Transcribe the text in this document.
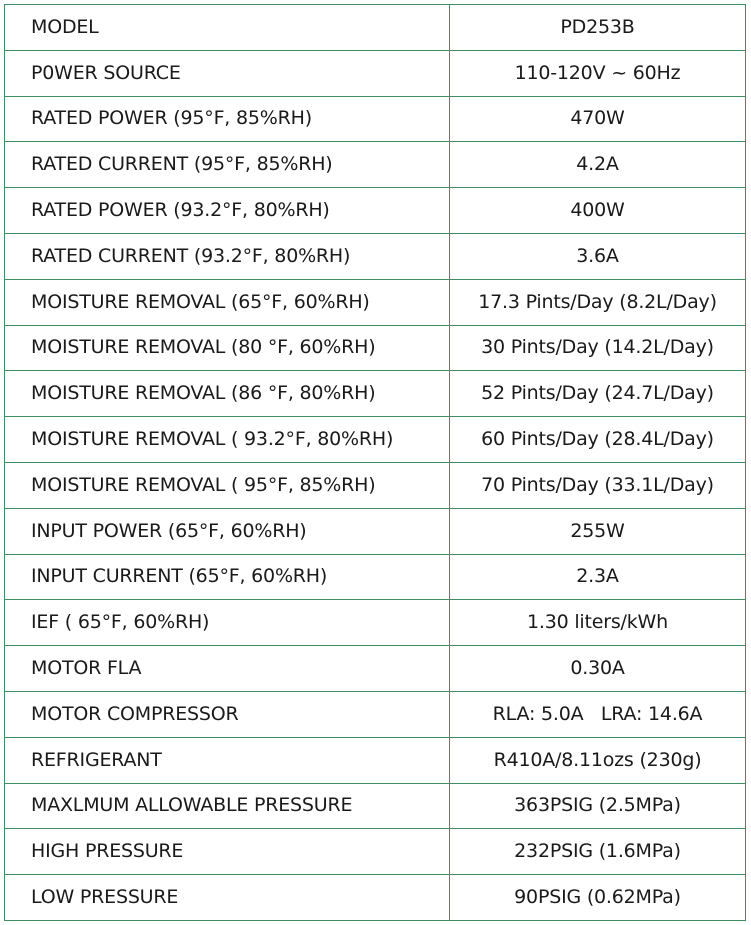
MODEL	PD253B
P0WER SOURCE	110-120V ~ 60Hz
RATED POWER (95°F, 85%RH)	470W
RATED CURRENT (95°F, 85%RH)	4.2A
RATED POWER (93.2°F, 80%RH)	400W
RATED CURRENT (93.2°F, 80%RH)	3.6A
MOISTURE REMOVAL (65°F, 60%RH)	17.3 Pints/Day (8.2L/Day)
MOISTURE REMOVAL (80 °F, 60%RH)	30 Pints/Day (14.2L/Day)
MOISTURE REMOVAL (86 °F, 80%RH)	52 Pints/Day (24.7L/Day)
MOISTURE REMOVAL ( 93.2°F, 80%RH)	60 Pints/Day (28.4L/Day)
MOISTURE REMOVAL ( 95°F, 85%RH)	70 Pints/Day (33.1L/Day)
INPUT POWER (65°F, 60%RH)	255W
INPUT CURRENT (65°F, 60%RH)	2.3A
IEF ( 65°F, 60%RH)	1.30 liters/kWh
MOTOR FLA	0.30A
MOTOR COMPRESSOR	RLA: 5.0A   LRA: 14.6A
REFRIGERANT	R410A/8.11ozs (230g)
MAXLMUM ALLOWABLE PRESSURE	363PSIG (2.5MPa)
HIGH PRESSURE	232PSIG (1.6MPa)
LOW PRESSURE	90PSIG (0.62MPa)
